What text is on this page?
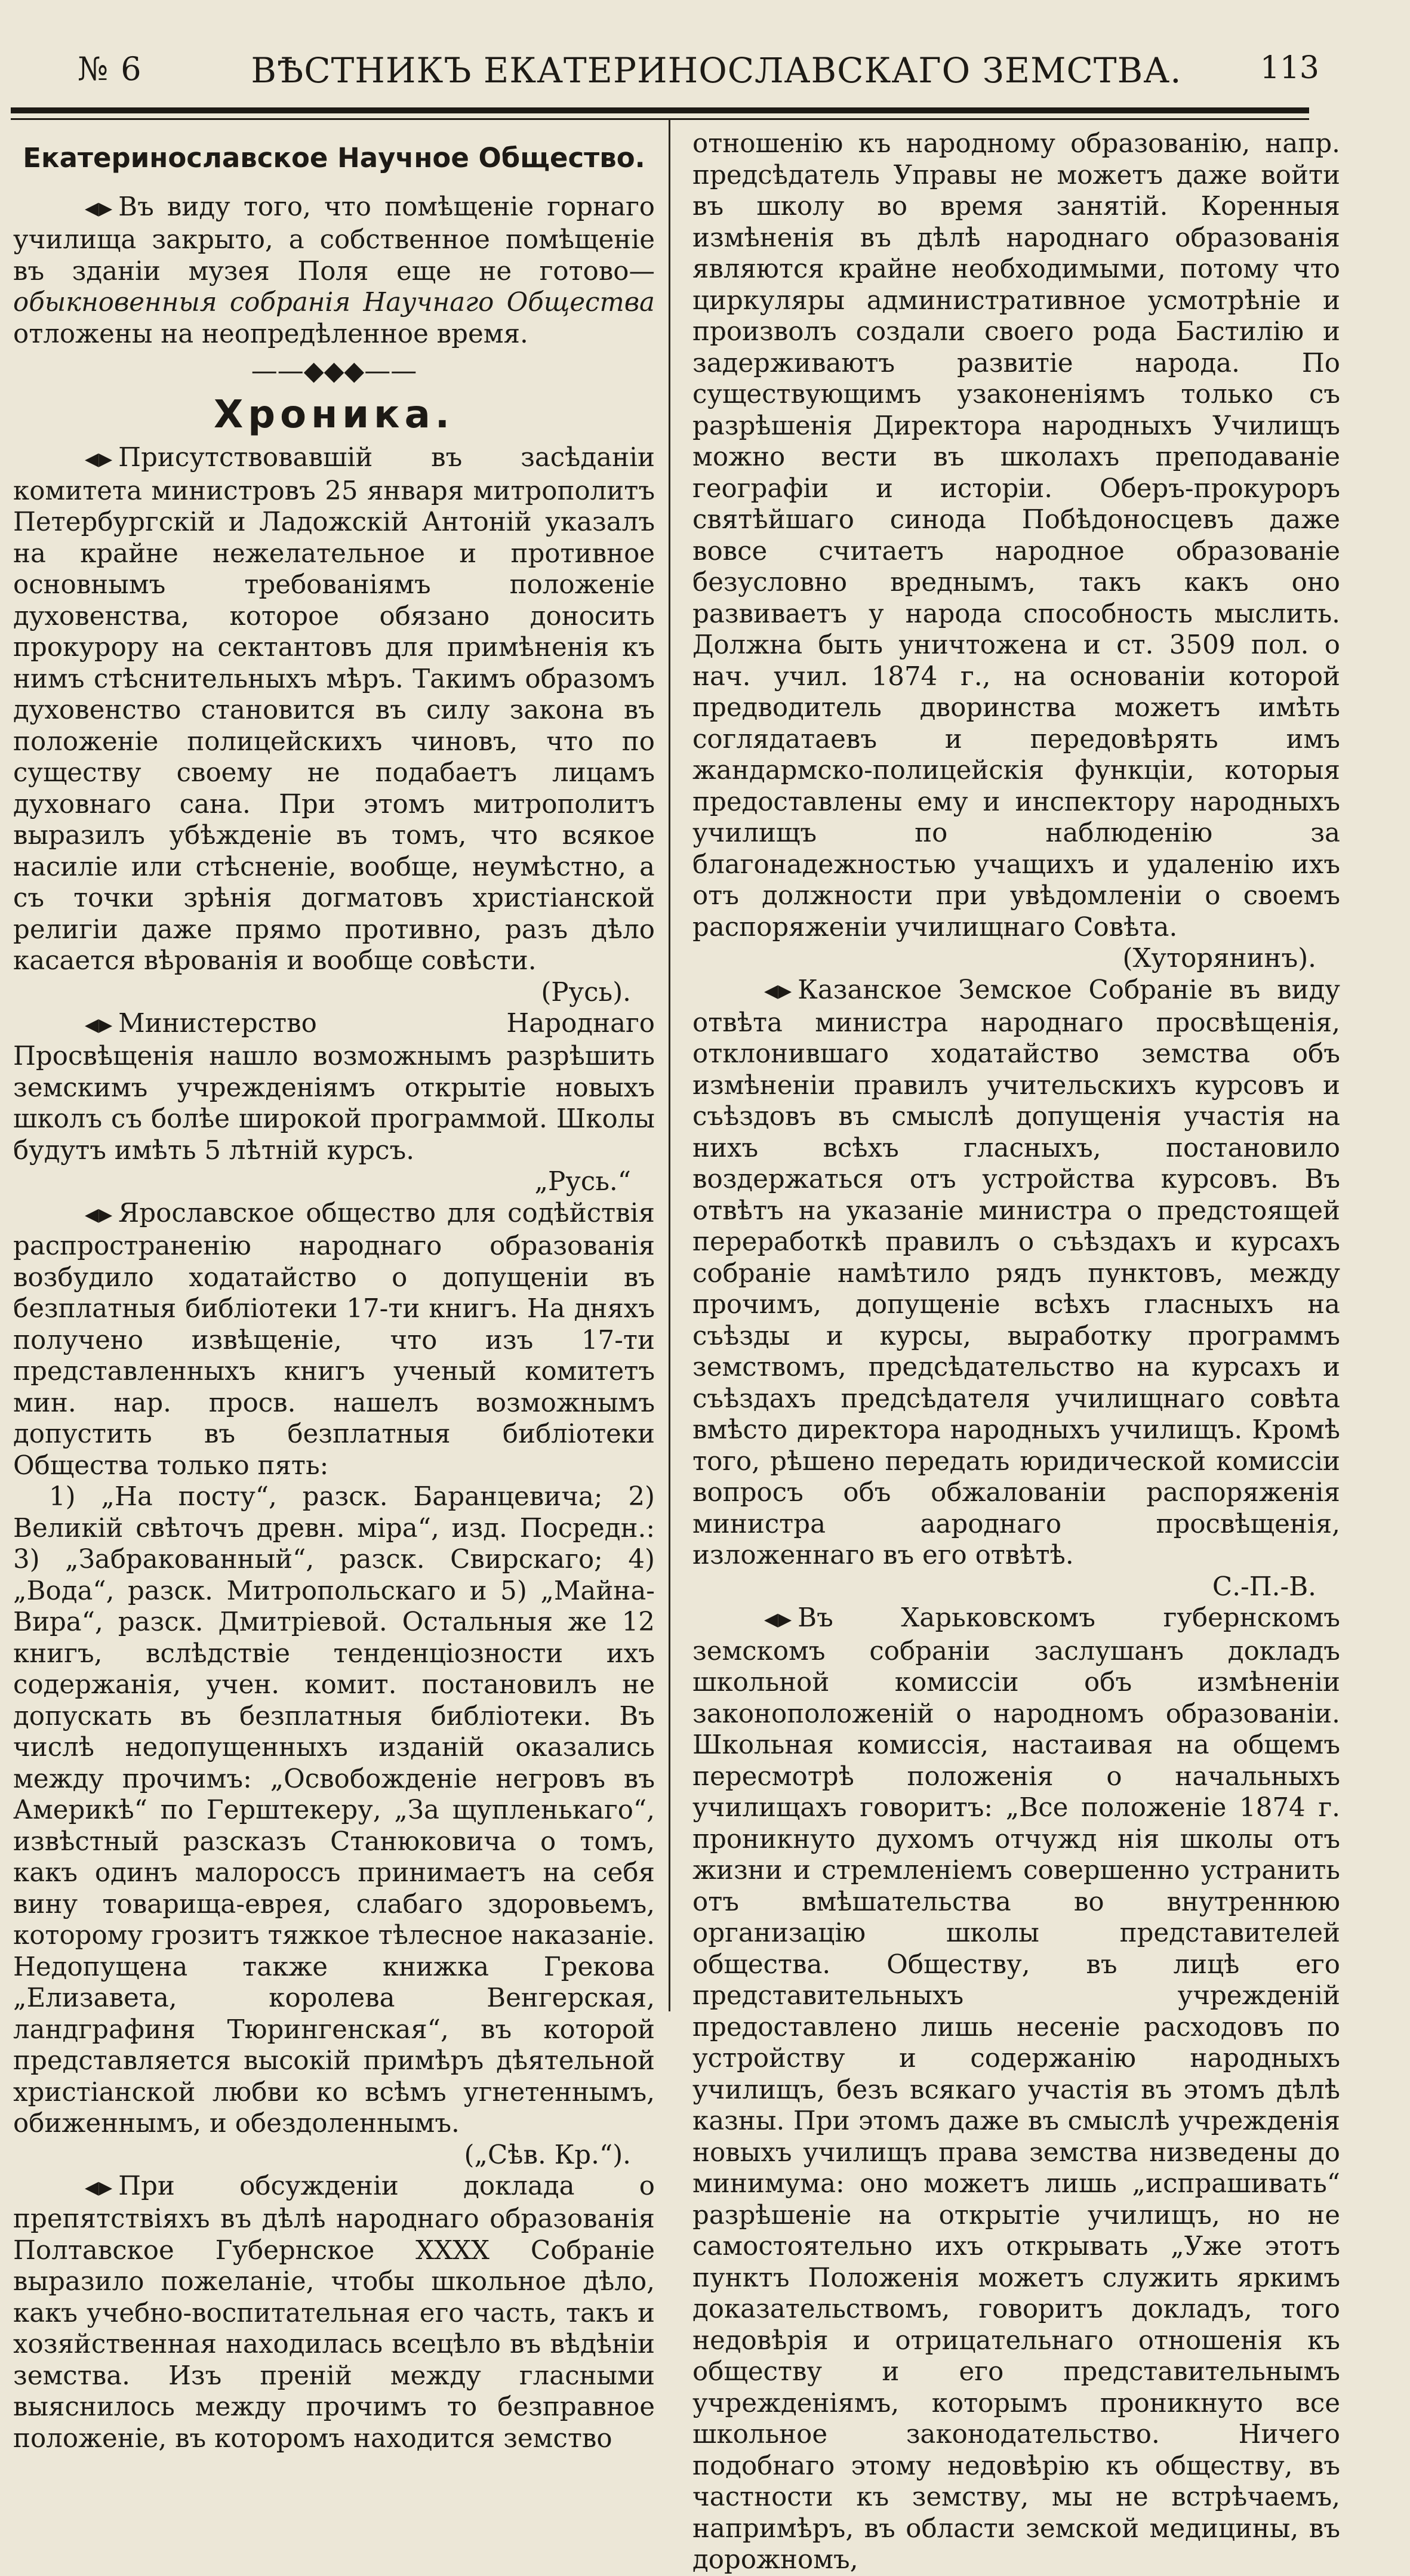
№ 6	ВѢСТНИКЪ ЕКАТЕРИНОСЛАВСКАГО ЗЕМСТВА.	113
Екатеринославское Научное Общество.

◀▶ Въ виду того, что помѣщеніе горнаго училища закрыто, а собственное помѣщеніе въ зданіи музея Поля еще не готово—обыкновенныя собранія Научнаго Общества отложены на неопредѣленное время.

——◆◆◆——
Хроника.

◀▶ Присутствовавшій въ засѣданіи комитета министровъ 25 января митрополитъ Петербургскій и Ладожскій Антоній указалъ на крайне нежелательное и противное основнымъ требованіямъ положеніе духовенства, которое обязано доносить прокурору на сектантовъ для примѣненія къ нимъ стѣснительныхъ мѣръ. Такимъ образомъ духовенство становится въ силу закона въ положеніе полицейскихъ чиновъ, что по существу своему не подабаетъ лицамъ духовнаго сана. При этомъ митрополитъ выразилъ убѣжденіе въ томъ, что всякое насиліе или стѣсненіе, вообще, неумѣстно, а съ точки зрѣнія догматовъ христіанской религіи даже прямо противно, разъ дѣло касается вѣрованія и вообще совѣсти.
(Русь).

◀▶ Министерство Народнаго Просвѣщенія нашло возможнымъ разрѣшить земскимъ учрежденіямъ открытіе новыхъ школъ съ болѣе широкой программой. Школы будутъ имѣть 5 лѣтній курсъ.
„Русь.“

◀▶ Ярославское общество для содѣйствія распространенію народнаго образованія возбудило ходатайство о допущеніи въ безплатныя библіотеки 17-ти книгъ. На дняхъ получено извѣщеніе, что изъ 17-ти представленныхъ книгъ ученый комитетъ мин. нар. просв. нашелъ возможнымъ допустить въ безплатныя библіотеки Общества только пять:

1) „На посту“, разск. Баранцевича; 2) Великій свѣточъ древн. міра“, изд. Посредн.: 3) „Забракованный“, разск. Свирскаго; 4) „Вода“, разск. Митропольскаго и 5) „Майна-Вира“, разск. Дмитріевой. Остальныя же 12 книгъ, вслѣдствіе тенденціозности ихъ содержанія, учен. комит. постановилъ не допускать въ безплатныя библіотеки. Въ числѣ недопущенныхъ изданій оказались между прочимъ: „Освобожденіе негровъ въ Америкѣ“ по Герштекеру, „За щупленькаго“, извѣстный разсказъ Станюковича о томъ, какъ одинъ малороссъ принимаетъ на себя вину товарища-еврея, слабаго здоровьемъ, которому грозитъ тяжкое тѣлесное наказаніе. Недопущена также книжка Грекова „Елизавета, королева Венгерская, ландграфиня Тюрингенская“, въ которой представляется высокій примѣръ дѣятельной христіанской любви ко всѣмъ угнетеннымъ, обиженнымъ, и обездоленнымъ.
(„Сѣв. Кр.“).

◀▶ При обсужденіи доклада о препятствіяхъ въ дѣлѣ народнаго образованія Полтавское Губернское XXXX Собраніе выразило пожеланіе, чтобы школьное дѣло, какъ учебно-воспитательная его часть, такъ и хозяйственная находилась всецѣло въ вѣдѣніи земства. Изъ преній между гласными выяснилось между прочимъ то безправное положеніе, въ которомъ находится земство

отношенію къ народному образованію, напр. предсѣдатель Управы не можетъ даже войти въ школу во время занятій. Коренныя измѣненія въ дѣлѣ народнаго образованія являются крайне необходимыми, потому что циркуляры административное усмотрѣніе и произволъ создали своего рода Бастилію и задерживаютъ развитіе народа. По существующимъ узаконеніямъ только съ разрѣшенія Директора народныхъ Училищъ можно вести въ школахъ преподаваніе географіи и исторіи. Оберъ-прокуроръ святѣйшаго синода Побѣдоносцевъ даже вовсе считаетъ народное образованіе безусловно вреднымъ, такъ какъ оно развиваетъ у народа способность мыслить. Должна быть уничтожена и ст. 3509 пол. о нач. учил. 1874 г., на основаніи которой предводитель дворинства можетъ имѣть соглядатаевъ и передовѣрять имъ жандармско-полицейскія функціи, которыя предоставлены ему и инспектору народныхъ училищъ по наблюденію за благонадежностью учащихъ и удаленію ихъ отъ должности при увѣдомленіи о своемъ распоряженіи училищнаго Совѣта.
(Хуторянинъ).

◀▶ Казанское Земское Собраніе въ виду отвѣта министра народнаго просвѣщенія, отклонившаго ходатайство земства объ измѣненіи правилъ учительскихъ курсовъ и съѣздовъ въ смыслѣ допущенія участія на нихъ всѣхъ гласныхъ, постановило воздержаться отъ устройства курсовъ. Въ отвѣтъ на указаніе министра о предстоящей переработкѣ правилъ о съѣздахъ и курсахъ собраніе намѣтило рядъ пунктовъ, между прочимъ, допущеніе всѣхъ гласныхъ на съѣзды и курсы, выработку программъ земствомъ, предсѣдательство на курсахъ и съѣздахъ предсѣдателя училищнаго совѣта вмѣсто директора народныхъ училищъ. Кромѣ того, рѣшено передать юридической комиссіи вопросъ объ обжалованіи распоряженія министра аароднаго просвѣщенія, изложеннаго въ его отвѣтѣ.
С.-П.-В.

◀▶ Въ Харьковскомъ губернскомъ земскомъ собраніи заслушанъ докладъ школьной комиссіи объ измѣненіи законоположеній о народномъ образованіи. Школьная комиссія, настаивая на общемъ пересмотрѣ положенія о начальныхъ училищахъ говоритъ: „Все положеніе 1874 г. проникнуто духомъ отчужд нія школы отъ жизни и стремленіемъ совершенно устранить отъ вмѣшательства во внутреннюю организацію школы представителей общества. Обществу, въ лицѣ его представительныхъ учрежденій предоставлено лишь несеніе расходовъ по устройству и содержанію народныхъ училищъ, безъ всякаго участія въ этомъ дѣлѣ казны. При этомъ даже въ смыслѣ учрежденія новыхъ училищъ права земства низведены до минимума: оно можетъ лишь „испрашивать“ разрѣшеніе на открытіе училищъ, но не самостоятельно ихъ открывать „Уже этотъ пунктъ Положенія можетъ служить яркимъ доказательствомъ, говоритъ докладъ, того недовѣрія и отрицательнаго отношенія къ обществу и его представительнымъ учрежденіямъ, которымъ проникнуто все школьное законодательство. Ничего подобнаго этому недовѣрію къ обществу, въ частности къ земству, мы не встрѣчаемъ, напримѣръ, въ области земской медицины, въ дорожномъ,
